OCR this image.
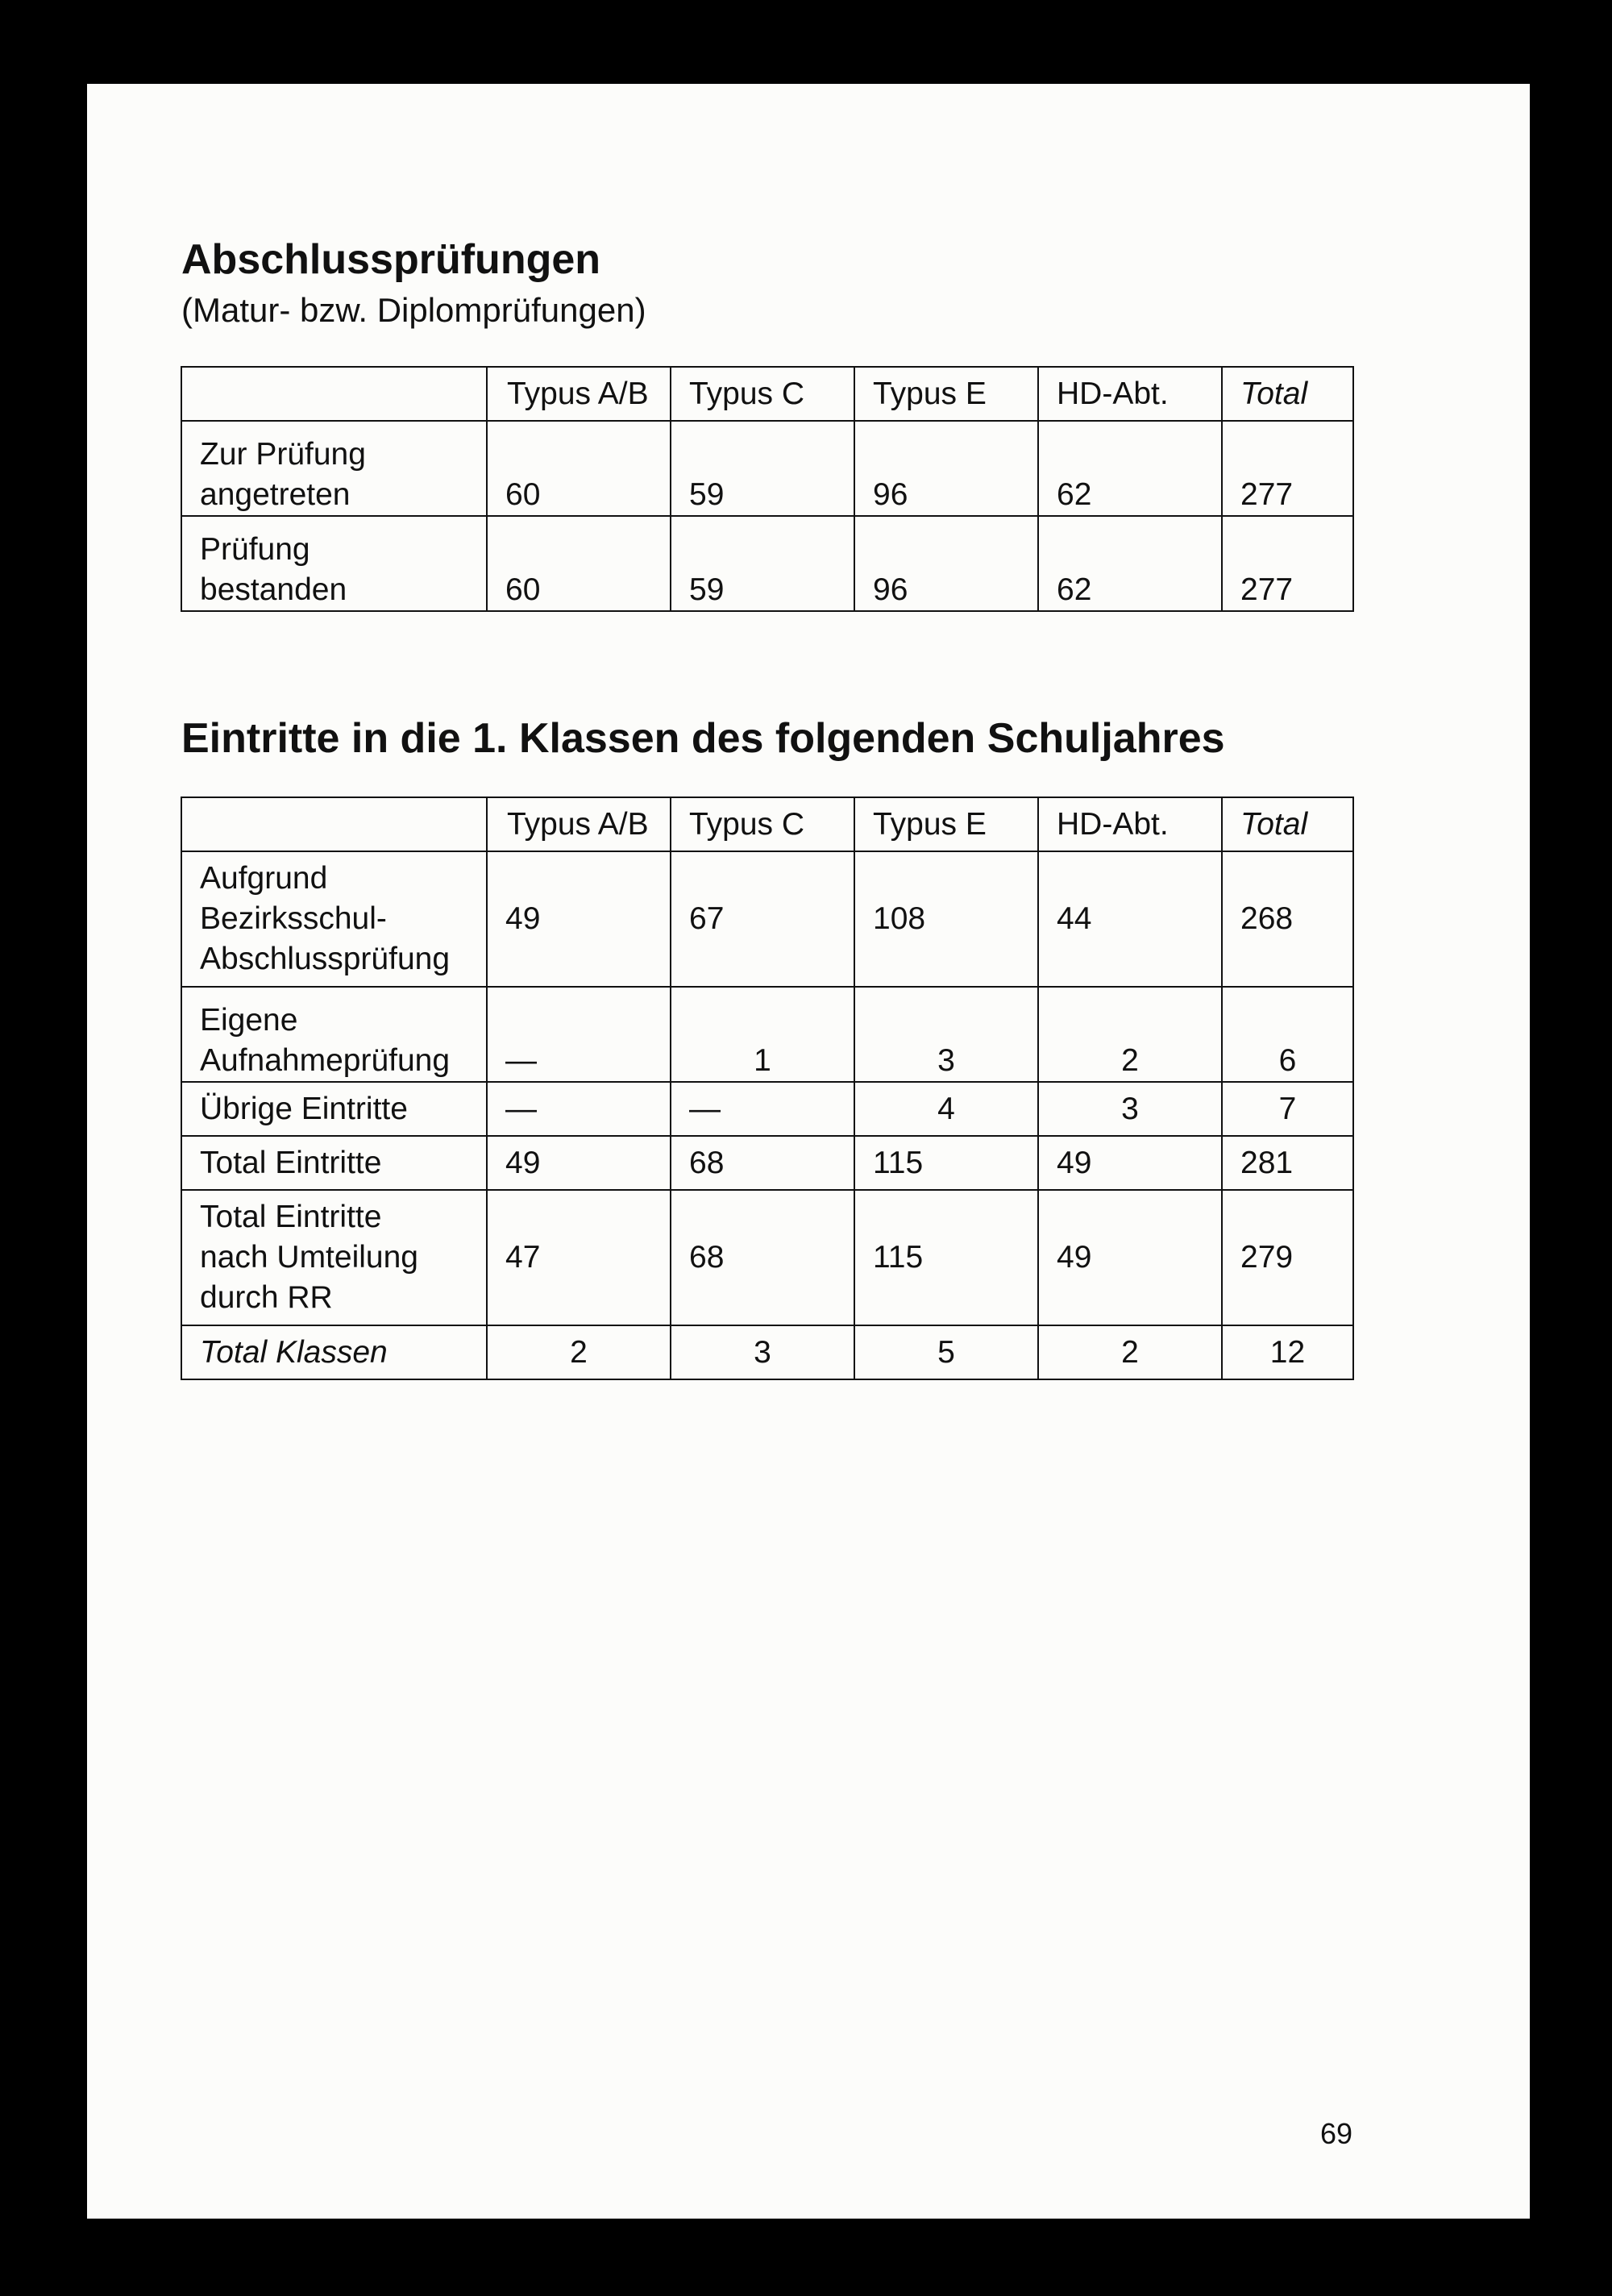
Abschlussprüfungen
(Matur- bzw. Diplomprüfungen)
	Typus A/B	Typus C	Typus E	HD-Abt.	Total

Zur Prüfung
angetreten	60	59	96	62	277

Prüfung
bestanden	60	59	96	62	277
Eintritte in die 1. Klassen des folgenden Schuljahres
	Typus A/B	Typus C	Typus E	HD-Abt.	Total

Aufgrund
Bezirksschul-
Abschlussprüfung	49	67	108	44	268

Eigene
Aufnahmeprüfung	—	1	3	2	6

Übrige Eintritte	—	—	4	3	7

Total Eintritte	49	68	115	49	281

Total Eintritte
nach Umteilung
durch RR	47	68	115	49	279

Total Klassen	2	3	5	2	12
69
